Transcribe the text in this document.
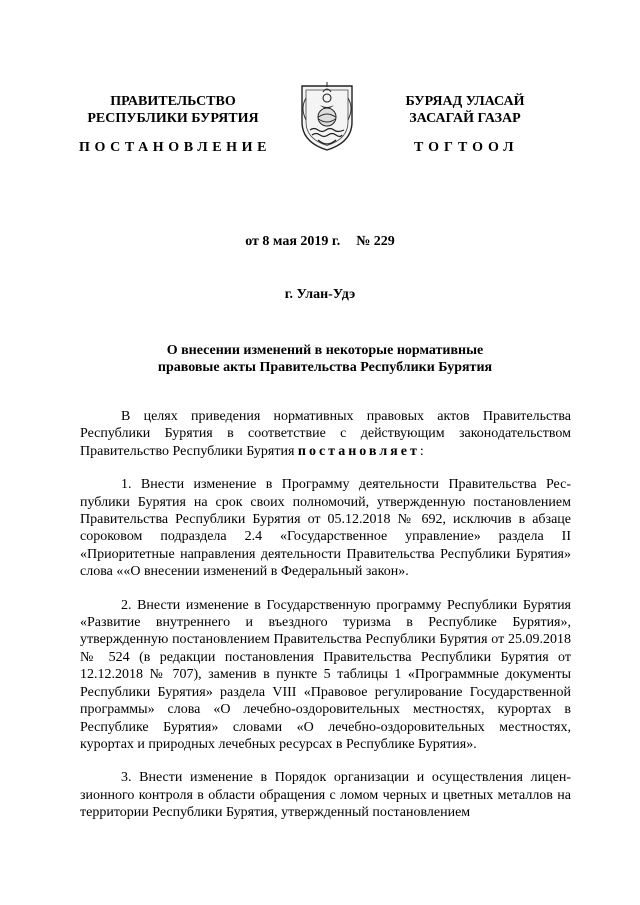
ПРАВИТЕЛЬСТВО
РЕСПУБЛИКИ БУРЯТИЯ
БУРЯАД УЛАСАЙ
ЗАСАГАЙ ГАЗАР
ПОСТАНОВЛЕНИЕ	ТОГТООЛ
от 8 мая 2019 г. № 229
г. Улан-Удэ
О внесении изменений в некоторые нормативные
правовые акты Правительства Республики Бурятия

В целях приведения нормативных правовых актов Правительства Республики Бурятия в соответствие с действующим законодательством Правительство Республики Бурятия постановляет:

1. Внести изменение в Программу деятельности Правительства Республики Бурятия на срок своих полномочий, утвержденную постановлением Правительства Республики Бурятия от 05.12.2018 № 692, исключив в абзаце сороковом подраздела 2.4 «Государственное управление» раздела II «Приоритетные направления деятельности Правительства Республики Бурятия» слова ««О внесении изменений в Федеральный закон».

2. Внести изменение в Государственную программу Республики Бурятия «Развитие внутреннего и въездного туризма в Республике Бурятия», утвержденную постановлением Правительства Республики Бурятия от 25.09.2018 № 524 (в редакции постановления Правительства Республики Бурятия от 12.12.2018 № 707), заменив в пункте 5 таблицы 1 «Программные документы Республики Бурятия» раздела VIII «Правовое регулирование Государственной программы» слова «О лечебно-оздоровительных местностях, курортах в Республике Бурятия» словами «О лечебно-оздоровительных местностях, курортах и природных лечебных ресурсах в Республике Бурятия».

3. Внести изменение в Порядок организации и осуществления лицензионного контроля в области обращения с ломом черных и цветных металлов на территории Республики Бурятия, утвержденный постановлением
